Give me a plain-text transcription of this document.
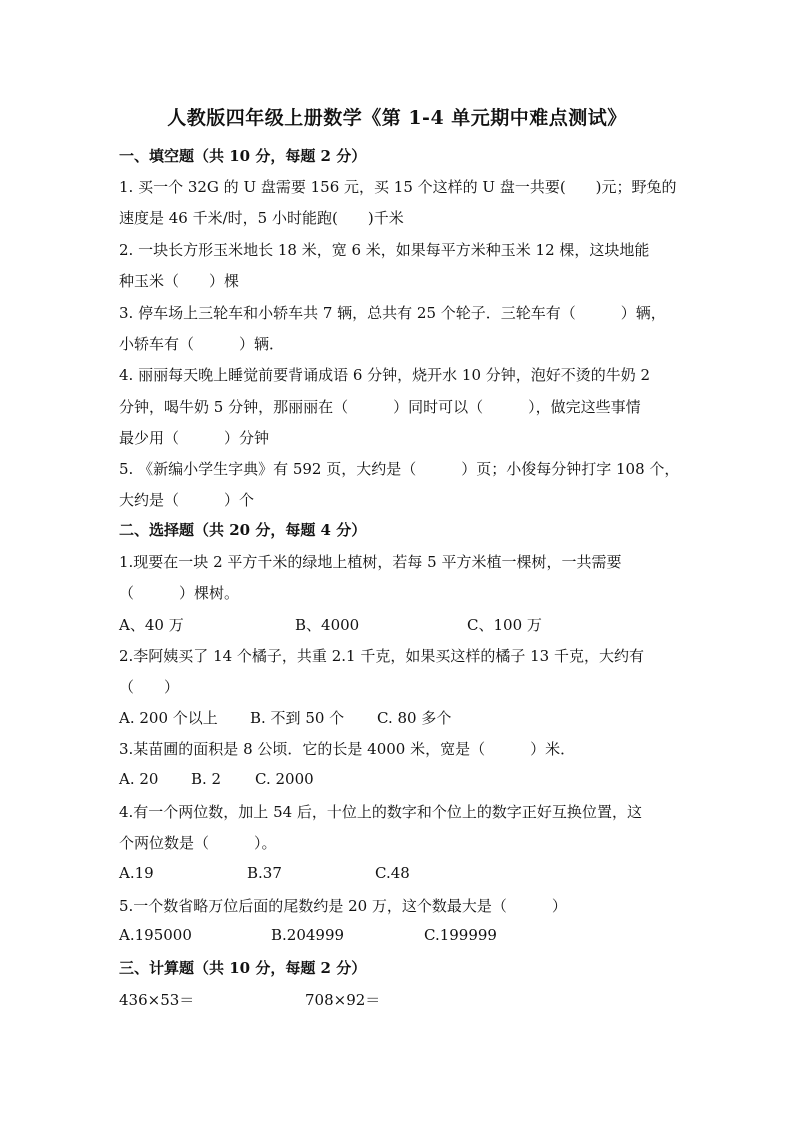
人教版四年级上册数学《第 1-4 单元期中难点测试》
一、填空题（共 10 分，每题 2 分）
1. 买一个 32G 的 U 盘需要 156 元，买 15 个这样的 U 盘一共要(　　)元；野兔的
速度是 46 千米/时，5 小时能跑(　　)千米
2. 一块长方形玉米地长 18 米，宽 6 米，如果每平方米种玉米 12 棵，这块地能
种玉米（　　）棵
3. 停车场上三轮车和小轿车共 7 辆，总共有 25 个轮子．三轮车有（　　　）辆，
小轿车有（　　　）辆．
4. 丽丽每天晚上睡觉前要背诵成语 6 分钟，烧开水 10 分钟，泡好不烫的牛奶 2
分钟，喝牛奶 5 分钟，那丽丽在（　　　）同时可以（　　　），做完这些事情
最少用（　　　）分钟
5. 《新编小学生字典》有 592 页，大约是（　　　）页；小俊每分钟打字 108 个，
大约是（　　　）个
二、选择题（共 20 分，每题 4 分）
1.现要在一块 2 平方千米的绿地上植树，若每 5 平方米植一棵树，一共需要
（　　　）棵树。
A、40 万	B、4000	C、100 万
2.李阿姨买了 14 个橘子，共重 2.1 千克，如果买这样的橘子 13 千克，大约有
（　　）
A. 200 个以上 B. 不到 50 个 C. 80 多个
3.某苗圃的面积是 8 公顷．它的长是 4000 米，宽是（　　　）米．
A. 20 B. 2 C. 2000
4.有一个两位数，加上 54 后，十位上的数字和个位上的数字正好互换位置，这
个两位数是（　　　）。
A.19	B.37	C.48
5.一个数省略万位后面的尾数约是 20 万，这个数最大是（　　　）
A.195000	B.204999	C.199999
三、计算题（共 10 分，每题 2 分）
436×53＝	708×92＝
